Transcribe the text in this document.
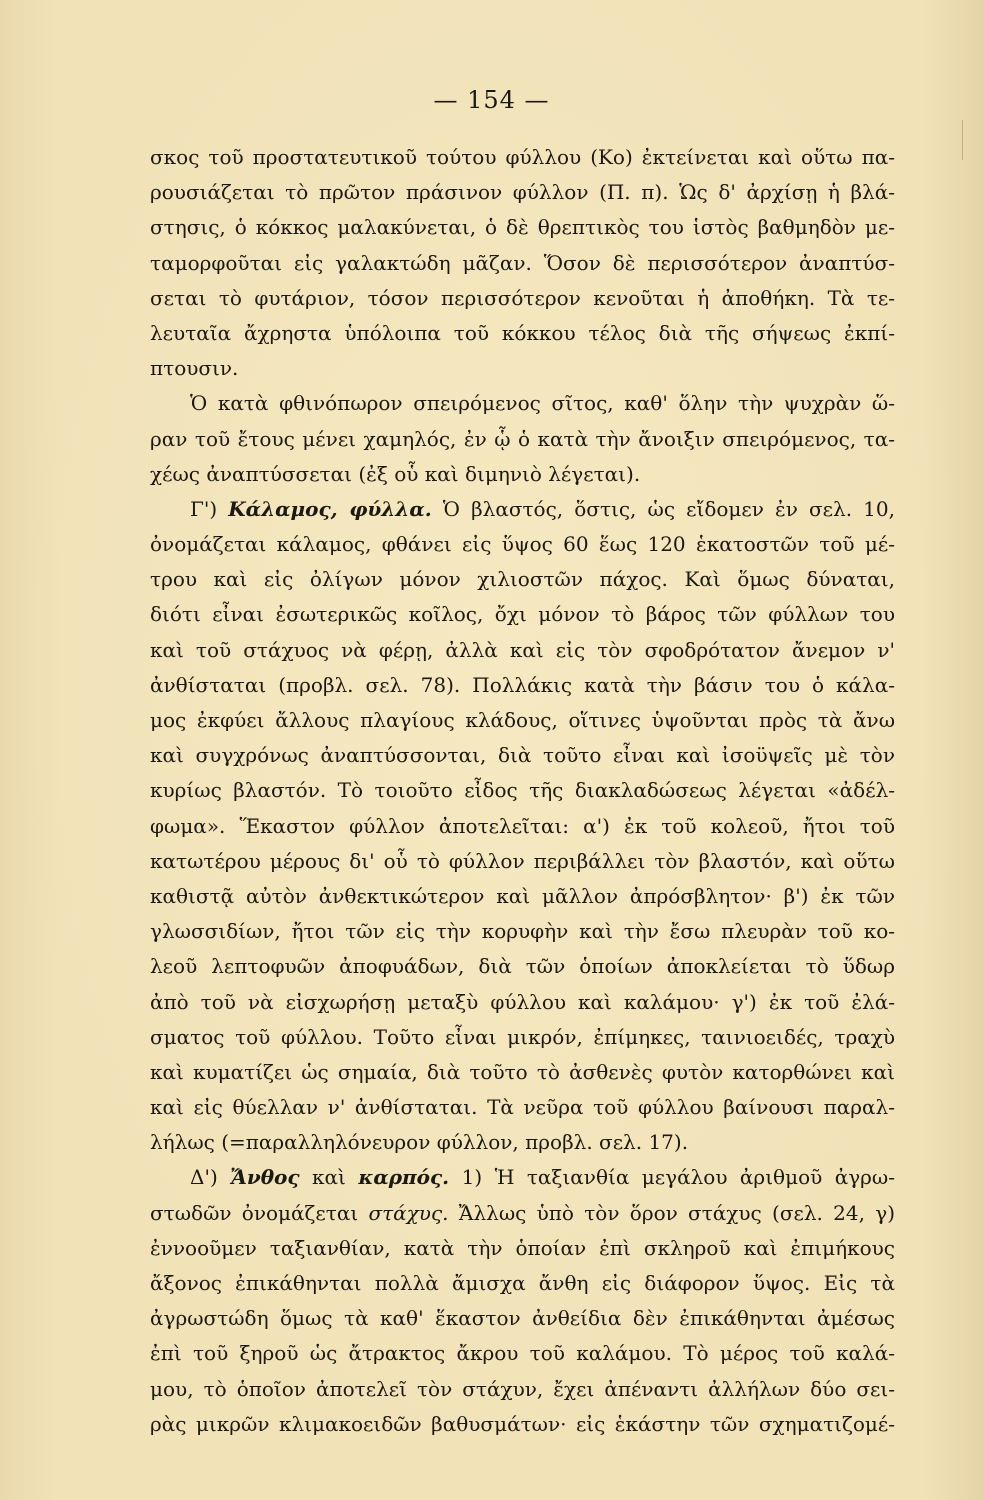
— 154 —
σκος τοῦ προστατευτικοῦ τούτου φύλλου (Κο) ἐκτείνεται καὶ οὕτω πα-
ρουσιάζεται τὸ πρῶτον πράσινον φύλλον (Π. π). Ὡς δ' ἀρχίσῃ ἡ βλά-
στησις, ὁ κόκκος μαλακύνεται, ὁ δὲ θρεπτικὸς του ἱστὸς βαθμηδὸν με-
ταμορφοῦται εἰς γαλακτώδη μᾶζαν. Ὅσον δὲ περισσότερον ἀναπτύσ-
σεται τὸ φυτάριον, τόσον περισσότερον κενοῦται ἡ ἀποθήκη. Τὰ τε-
λευταῖα ἄχρηστα ὑπόλοιπα τοῦ κόκκου τέλος διὰ τῆς σήψεως ἐκπί-
πτουσιν.
Ὁ κατὰ φθινόπωρον σπειρόμενος σῖτος, καθ' ὅλην τὴν ψυχρὰν ὥ-
ραν τοῦ ἔτους μένει χαμηλός, ἐν ᾧ ὁ κατὰ τὴν ἄνοιξιν σπειρόμενος, τα-
χέως ἀναπτύσσεται (ἐξ οὗ καὶ διμηνιὸ λέγεται).
Γ') Κάλαμος, φύλλα. Ὁ βλαστός, ὅστις, ὡς εἴδομεν ἐν σελ. 10,
ὀνομάζεται κάλαμος, φθάνει εἰς ὕψος 60 ἕως 120 ἑκατοστῶν τοῦ μέ-
τρου καὶ εἰς ὀλίγων μόνον χιλιοστῶν πάχος. Καὶ ὅμως δύναται,
διότι εἶναι ἐσωτερικῶς κοῖλος, ὄχι μόνον τὸ βάρος τῶν φύλλων του
καὶ τοῦ στάχυος νὰ φέρῃ, ἀλλὰ καὶ εἰς τὸν σφοδρότατον ἄνεμον ν'
ἀνθίσταται (προβλ. σελ. 78). Πολλάκις κατὰ τὴν βάσιν του ὁ κάλα-
μος ἐκφύει ἄλλους πλαγίους κλάδους, οἵτινες ὑψοῦνται πρὸς τὰ ἄνω
καὶ συγχρόνως ἀναπτύσσονται, διὰ τοῦτο εἶναι καὶ ἰσοϋψεῖς μὲ τὸν
κυρίως βλαστόν. Τὸ τοιοῦτο εἶδος τῆς διακλαδώσεως λέγεται «ἀδέλ-
φωμα». Ἕκαστον φύλλον ἀποτελεῖται: α') ἐκ τοῦ κολεοῦ, ἤτοι τοῦ
κατωτέρου μέρους δι' οὗ τὸ φύλλον περιβάλλει τὸν βλαστόν, καὶ οὕτω
καθιστᾷ αὐτὸν ἀνθεκτικώτερον καὶ μᾶλλον ἀπρόσβλητον· β') ἐκ τῶν
γλωσσιδίων, ἤτοι τῶν εἰς τὴν κορυφὴν καὶ τὴν ἔσω πλευρὰν τοῦ κο-
λεοῦ λεπτοφυῶν ἀποφυάδων, διὰ τῶν ὁποίων ἀποκλείεται τὸ ὕδωρ
ἀπὸ τοῦ νὰ εἰσχωρήσῃ μεταξὺ φύλλου καὶ καλάμου· γ') ἐκ τοῦ ἐλά-
σματος τοῦ φύλλου. Τοῦτο εἶναι μικρόν, ἐπίμηκες, ταινιοειδές, τραχὺ
καὶ κυματίζει ὡς σημαία, διὰ τοῦτο τὸ ἀσθενὲς φυτὸν κατορθώνει καὶ
καὶ εἰς θύελλαν ν' ἀνθίσταται. Τὰ νεῦρα τοῦ φύλλου βαίνουσι παραλ-
λήλως (=παραλληλόνευρον φύλλον, προβλ. σελ. 17).
Δ') Ἄνθος καὶ καρπός. 1) Ἡ ταξιανθία μεγάλου ἀριθμοῦ ἀγρω-
στωδῶν ὀνομάζεται στάχυς. Ἄλλως ὑπὸ τὸν ὅρον στάχυς (σελ. 24, γ)
ἐννοοῦμεν ταξιανθίαν, κατὰ τὴν ὁποίαν ἐπὶ σκληροῦ καὶ ἐπιμήκους
ἄξονος ἐπικάθηνται πολλὰ ἄμισχα ἄνθη εἰς διάφορον ὕψος. Εἰς τὰ
ἀγρωστώδη ὅμως τὰ καθ' ἕκαστον ἀνθείδια δὲν ἐπικάθηνται ἀμέσως
ἐπὶ τοῦ ξηροῦ ὡς ἄτρακτος ἄκρου τοῦ καλάμου. Τὸ μέρος τοῦ καλά-
μου, τὸ ὁποῖον ἀποτελεῖ τὸν στάχυν, ἔχει ἀπέναντι ἀλλήλων δύο σει-
ρὰς μικρῶν κλιμακοειδῶν βαθυσμάτων· εἰς ἑκάστην τῶν σχηματιζομέ-
